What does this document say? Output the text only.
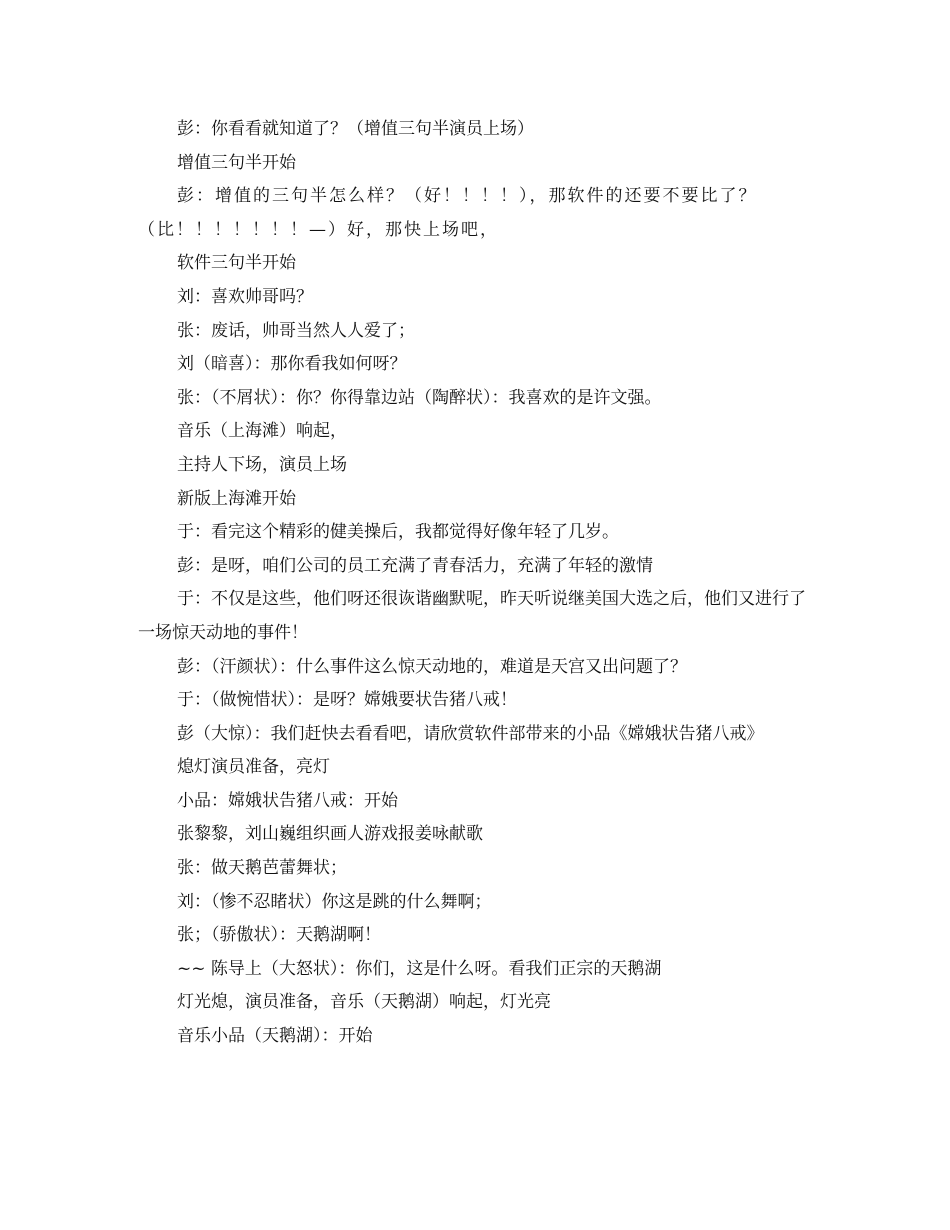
彭：你看看就知道了？（增值三句半演员上场）

增值三句半开始

彭：增值的三句半怎么样？（好！！！！），那软件的还要不要比了？（比！！！！！！！—）好，那快上场吧，

软件三句半开始

刘：喜欢帅哥吗？

张：废话，帅哥当然人人爱了；

刘（暗喜）：那你看我如何呀？

张：（不屑状）：你？你得靠边站（陶醉状）：我喜欢的是许文强。

音乐（上海滩）响起，

主持人下场，演员上场

新版上海滩开始

于：看完这个精彩的健美操后，我都觉得好像年轻了几岁。

彭：是呀，咱们公司的员工充满了青春活力，充满了年轻的激情

于：不仅是这些，他们呀还很诙谐幽默呢，昨天听说继美国大选之后，他们又进行了一场惊天动地的事件！

彭：（汗颜状）：什么事件这么惊天动地的，难道是天宫又出问题了？

于：（做惋惜状）：是呀？嫦娥要状告猪八戒！

彭（大惊）：我们赶快去看看吧，请欣赏软件部带来的小品《嫦娥状告猪八戒》

熄灯演员准备，亮灯

小品：嫦娥状告猪八戒：开始

张黎黎，刘山巍组织画人游戏报姜咏献歌

张：做天鹅芭蕾舞状；

刘：（惨不忍睹状）你这是跳的什么舞啊；

张；（骄傲状）：天鹅湖啊！

~~ 陈导上（大怒状）：你们，这是什么呀。看我们正宗的天鹅湖

灯光熄，演员准备，音乐（天鹅湖）响起，灯光亮

音乐小品（天鹅湖）：开始
